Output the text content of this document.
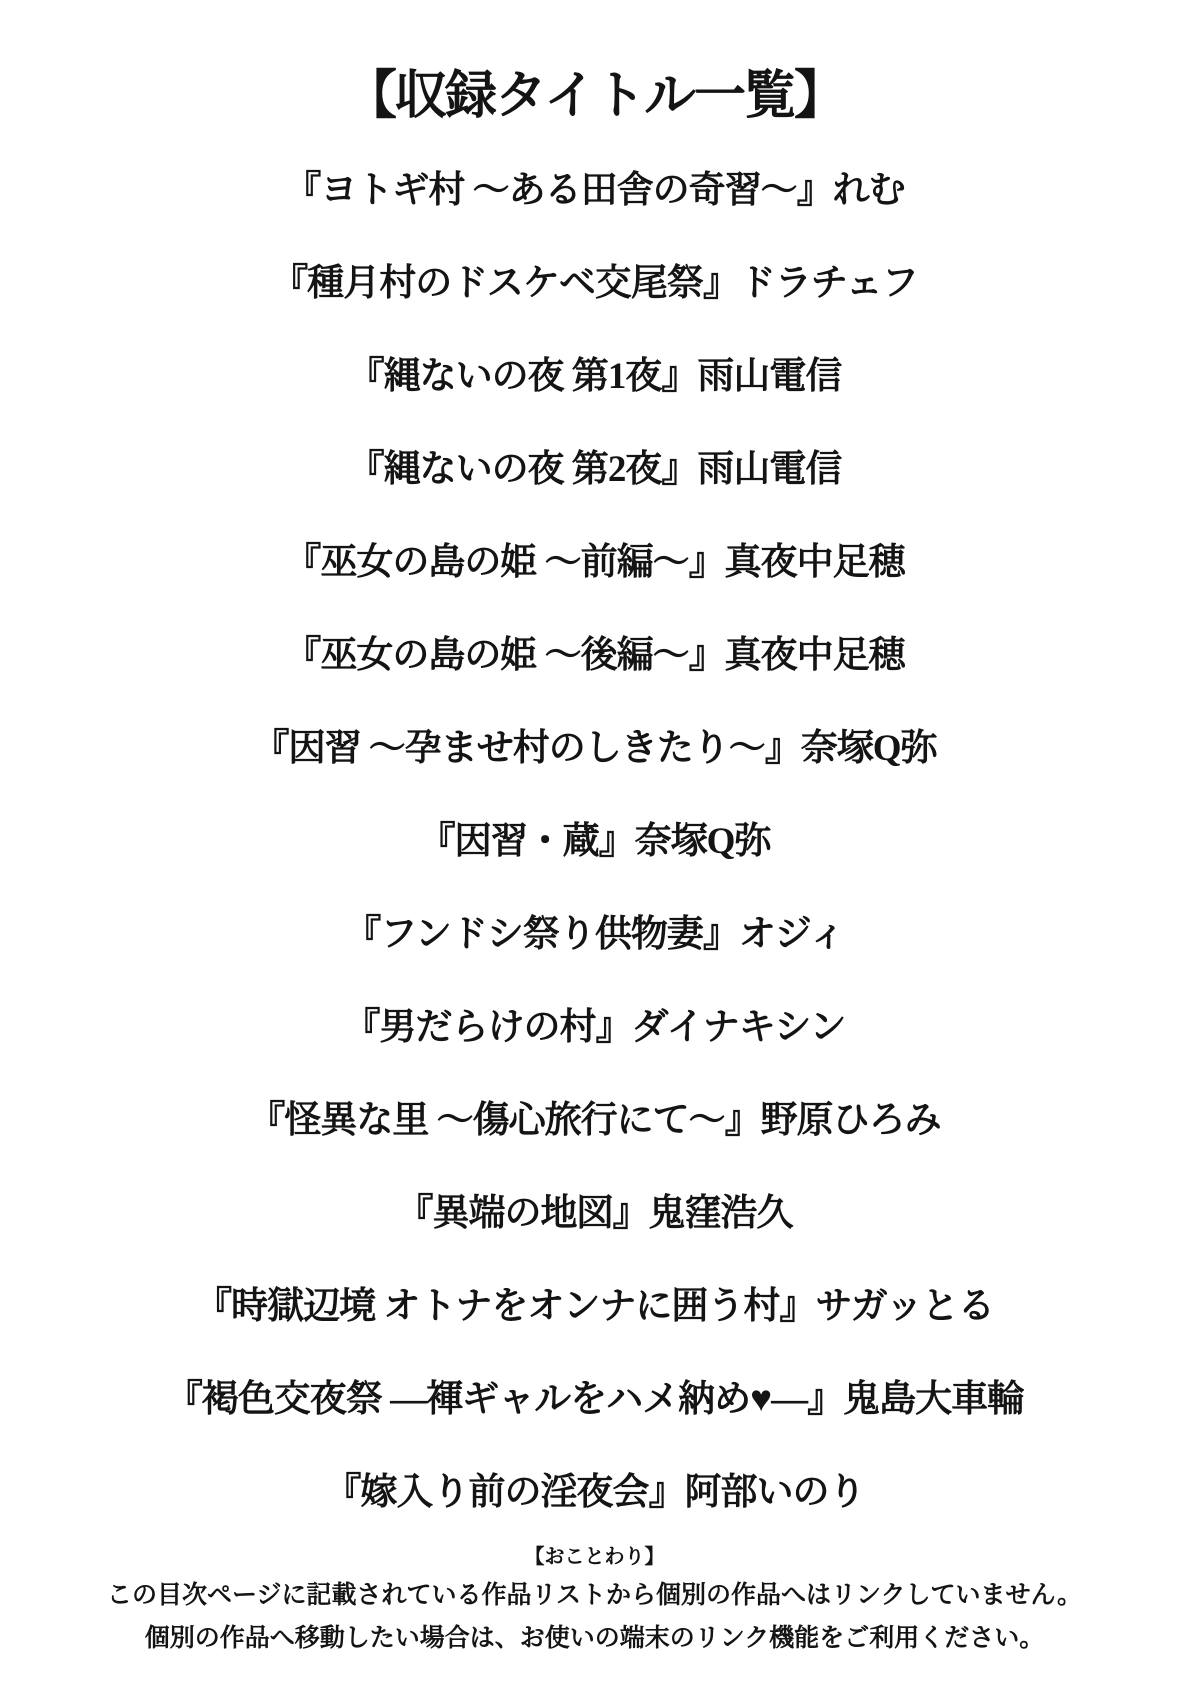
【収録タイトル一覧】
『ヨトギ村 ～ある田舎の奇習～』れむ
『種月村のドスケベ交尾祭』ドラチェフ
『縄ないの夜 第1夜』雨山電信
『縄ないの夜 第2夜』雨山電信
『巫女の島の姫 ～前編～』真夜中足穂
『巫女の島の姫 ～後編～』真夜中足穂
『因習 ～孕ませ村のしきたり～』奈塚Q弥
『因習・蔵』奈塚Q弥
『フンドシ祭り供物妻』オジィ
『男だらけの村』ダイナキシン
『怪異な里 ～傷心旅行にて～』野原ひろみ
『異端の地図』鬼窪浩久
『時獄辺境 オトナをオンナに囲う村』サガッとる
『褐色交夜祭 ―褌ギャルをハメ納め♥―』鬼島大車輪
『嫁入り前の淫夜会』阿部いのり
【おことわり】
この目次ページに記載されている作品リストから個別の作品へはリンクしていません。
個別の作品へ移動したい場合は、お使いの端末のリンク機能をご利用ください。
